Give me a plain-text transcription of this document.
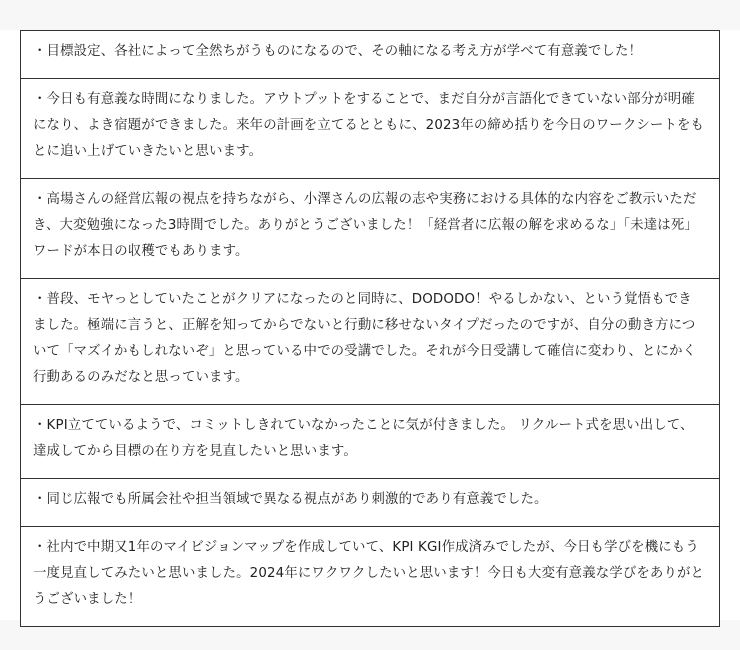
・目標設定、各社によって全然ちがうものになるので、その軸になる考え方が学べて有意義でした！
・今日も有意義な時間になりました。アウトプットをすることで、まだ自分が言語化できていない部分が明確になり、よき宿題ができました。来年の計画を立てるとともに、2023年の締め括りを今日のワークシートをもとに追い上げていきたいと思います。
・高場さんの経営広報の視点を持ちながら、小澤さんの広報の志や実務における具体的な内容をご教示いただき、大変勉強になった3時間でした。ありがとうございました！「経営者に広報の解を求めるな」「未達は死」ワードが本日の収穫でもあります。
・普段、モヤっとしていたことがクリアになったのと同時に、DODODO！やるしかない、という覚悟もできました。極端に言うと、正解を知ってからでないと行動に移せないタイプだったのですが、自分の動き方について「マズイかもしれないぞ」と思っている中での受講でした。それが今日受講して確信に変わり、とにかく行動あるのみだなと思っています。
・KPI立てているようで、コミットしきれていなかったことに気が付きました。 リクルート式を思い出して、達成してから目標の在り方を見直したいと思います。
・同じ広報でも所属会社や担当領域で異なる視点があり刺激的であり有意義でした。
・社内で中期又1年のマイビジョンマップを作成していて、KPI KGI作成済みでしたが、今日も学びを機にもう一度見直してみたいと思いました。2024年にワクワクしたいと思います！今日も大変有意義な学びをありがとうございました！
